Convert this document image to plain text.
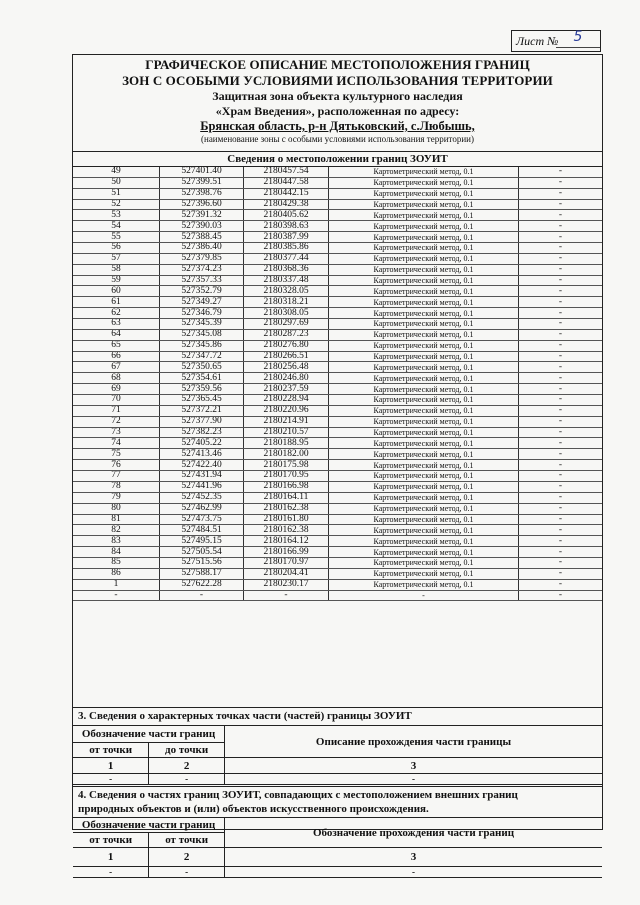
Лист №	5
ГРАФИЧЕСКОЕ ОПИСАНИЕ МЕСТОПОЛОЖЕНИЯ ГРАНИЦ
ЗОН С ОСОБЫМИ УСЛОВИЯМИ ИСПОЛЬЗОВАНИЯ ТЕРРИТОРИИ
Защитная зона объекта культурного наследия
«Храм Введения», расположенная по адресу:
Брянская область, р-н Дятьковский, с.Любышь,
(наименование зоны с особыми условиями использования территории)
Сведения о местоположении границ ЗОУИТ
49	527401.40	2180457.54	Картометрический метод, 0.1	-
50	527399.51	2180447.58	Картометрический метод, 0.1	-
51	527398.76	2180442.15	Картометрический метод, 0.1	-
52	527396.60	2180429.38	Картометрический метод, 0.1	-
53	527391.32	2180405.62	Картометрический метод, 0.1	-
54	527390.03	2180398.63	Картометрический метод, 0.1	-
55	527388.45	2180387.99	Картометрический метод, 0.1	-
56	527386.40	2180385.86	Картометрический метод, 0.1	-
57	527379.85	2180377.44	Картометрический метод, 0.1	-
58	527374.23	2180368.36	Картометрический метод, 0.1	-
59	527357.33	2180337.48	Картометрический метод, 0.1	-
60	527352.79	2180328.05	Картометрический метод, 0.1	-
61	527349.27	2180318.21	Картометрический метод, 0.1	-
62	527346.79	2180308.05	Картометрический метод, 0.1	-
63	527345.39	2180297.69	Картометрический метод, 0.1	-
64	527345.08	2180287.23	Картометрический метод, 0.1	-
65	527345.86	2180276.80	Картометрический метод, 0.1	-
66	527347.72	2180266.51	Картометрический метод, 0.1	-
67	527350.65	2180256.48	Картометрический метод, 0.1	-
68	527354.61	2180246.80	Картометрический метод, 0.1	-
69	527359.56	2180237.59	Картометрический метод, 0.1	-
70	527365.45	2180228.94	Картометрический метод, 0.1	-
71	527372.21	2180220.96	Картометрический метод, 0.1	-
72	527377.90	2180214.91	Картометрический метод, 0.1	-
73	527382.23	2180210.57	Картометрический метод, 0.1	-
74	527405.22	2180188.95	Картометрический метод, 0.1	-
75	527413.46	2180182.00	Картометрический метод, 0.1	-
76	527422.40	2180175.98	Картометрический метод, 0.1	-
77	527431.94	2180170.95	Картометрический метод, 0.1	-
78	527441.96	2180166.98	Картометрический метод, 0.1	-
79	527452.35	2180164.11	Картометрический метод, 0.1	-
80	527462.99	2180162.38	Картометрический метод, 0.1	-
81	527473.75	2180161.80	Картометрический метод, 0.1	-
82	527484.51	2180162.38	Картометрический метод, 0.1	-
83	527495.15	2180164.12	Картометрический метод, 0.1	-
84	527505.54	2180166.99	Картометрический метод, 0.1	-
85	527515.56	2180170.97	Картометрический метод, 0.1	-
86	527588.17	2180204.41	Картометрический метод, 0.1	-
1	527622.28	2180230.17	Картометрический метод, 0.1	-
-	-	-	-	-
3. Сведения о характерных точках части (частей) границы ЗОУИТ
Обозначение части границ		Описание прохождения части границы
от точки	до точки	
1	2	3
-	-	-
4. Сведения о частях границ ЗОУИТ, совпадающих с местоположением внешних границ
природных объектов и (или) объектов искусственного происхождения.
Обозначение части границ		Обозначение прохождения части границ
от точки	от точки	
1	2	3
-	-	-
